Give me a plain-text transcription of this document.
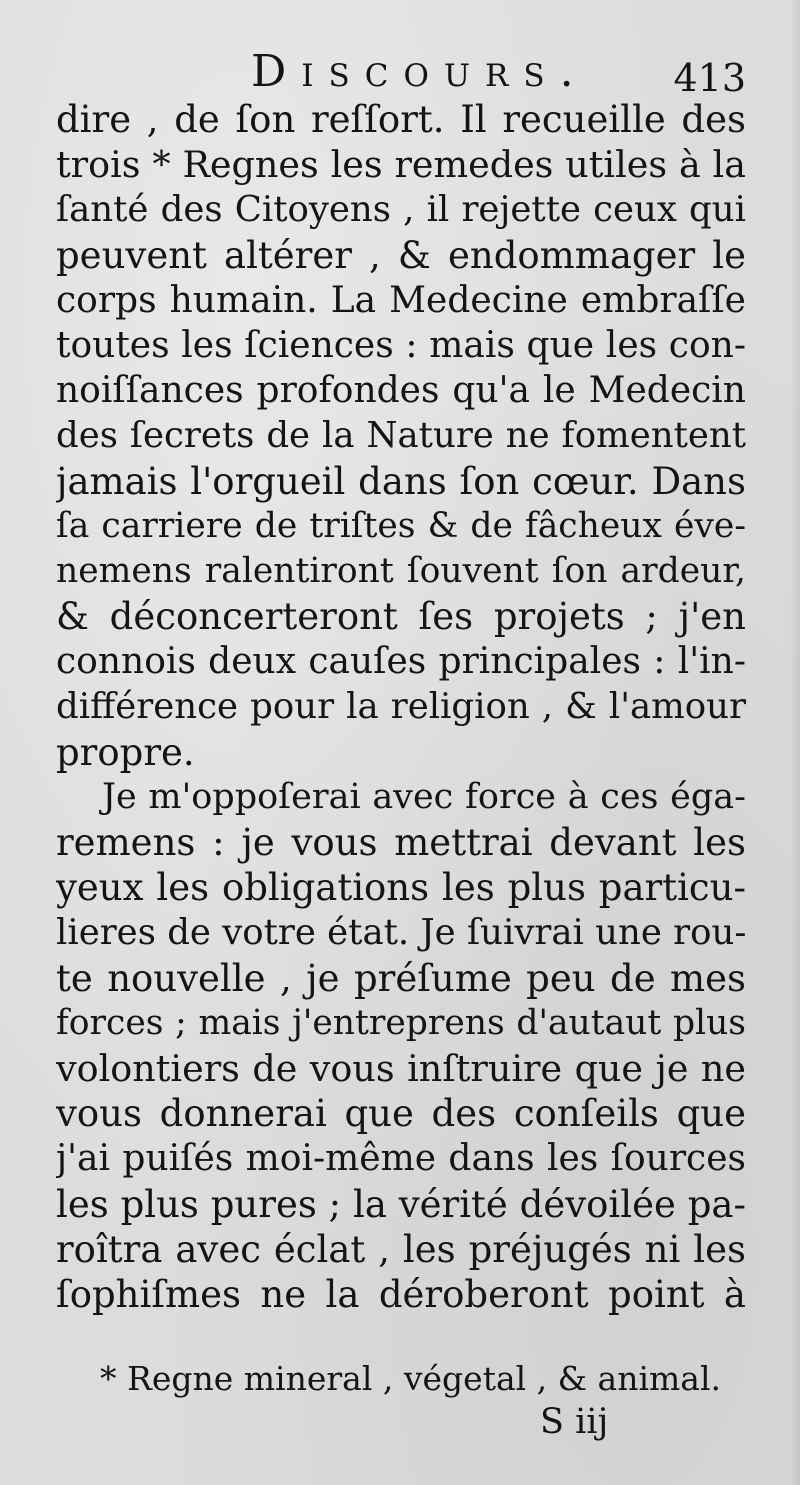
Discours. 413
dire , de ſon reſſort. Il recueille des
trois * Regnes les remedes utiles à la
ſanté des Citoyens , il rejette ceux qui
peuvent altérer , & endommager le
corps humain. La Medecine embraſſe
toutes les ſciences : mais que les con-
noiſſances profondes qu'a le Medecin
des ſecrets de la Nature ne fomentent
jamais l'orgueil dans ſon cœur. Dans
ſa carriere de triſtes & de fâcheux éve-
nemens ralentiront ſouvent ſon ardeur,
& déconcerteront ſes projets ; j'en
connois deux cauſes principales : l'in-
différence pour la religion , & l'amour
propre.
Je m'oppoſerai avec force à ces éga-
remens : je vous mettrai devant les
yeux les obligations les plus particu-
lieres de votre état. Je ſuivrai une rou-
te nouvelle , je préſume peu de mes
forces ; mais j'entreprens d'autaut plus
volontiers de vous inſtruire que je ne
vous donnerai que des conſeils que
j'ai puiſés moi-même dans les ſources
les plus pures ; la vérité dévoilée pa-
roîtra avec éclat , les préjugés ni les
ſophiſmes ne la déroberont point à
* Regne mineral , végetal , & animal.
S iij
